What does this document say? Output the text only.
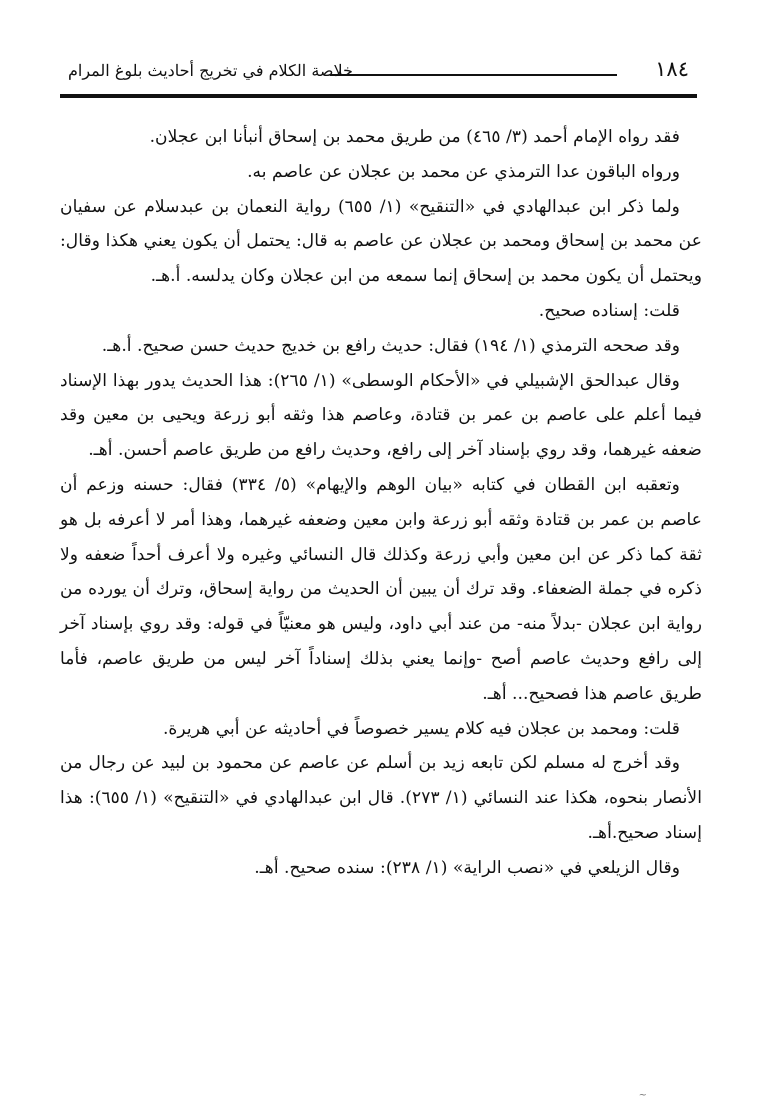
١٨٤
خلاصة الكلام في تخريج أحاديث بلوغ المرام

فقد رواه الإمام أحمد (٣/ ٤٦٥) من طريق محمد بن إسحاق أنبأنا ابن عجلان.

ورواه الباقون عدا الترمذي عن محمد بن عجلان عن عاصم به.

ولما ذكر ابن عبدالهادي في «التنقيح» (١/ ٦٥٥) رواية النعمان بن عبدسلام عن سفيان عن محمد بن إسحاق ومحمد بن عجلان عن عاصم به قال: يحتمل أن يكون يعني هكذا وقال: ويحتمل أن يكون محمد بن إسحاق إنما سمعه من ابن عجلان وكان يدلسه. أ.هـ.

قلت: إسناده صحيح.

وقد صححه الترمذي (١/ ١٩٤) فقال: حديث رافع بن خديج حديث حسن صحيح. أ.هـ.

وقال عبدالحق الإشبيلي في «الأحكام الوسطى» (١/ ٢٦٥): هذا الحديث يدور بهذا الإسناد فيما أعلم على عاصم بن عمر بن قتادة، وعاصم هذا وثقه أبو زرعة ويحيى بن معين وقد ضعفه غيرهما، وقد روي بإسناد آخر إلى رافع، وحديث رافع من طريق عاصم أحسن. أهـ.

وتعقبه ابن القطان في كتابه «بيان الوهم والإيهام» (٥/ ٣٣٤) فقال: حسنه وزعم أن عاصم بن عمر بن قتادة وثقه أبو زرعة وابن معين وضعفه غيرهما، وهذا أمر لا أعرفه بل هو ثقة كما ذكر عن ابن معين وأبي زرعة وكذلك قال النسائي وغيره ولا أعرف أحداً ضعفه ولا ذكره في جملة الضعفاء. وقد ترك أن يبين أن الحديث من رواية إسحاق، وترك أن يورده من رواية ابن عجلان -بدلاً منه- من عند أبي داود، وليس هو معنيّاً في قوله: وقد روي بإسناد آخر إلى رافع وحديث عاصم أصح -وإنما يعني بذلك إسناداً آخر ليس من طريق عاصم، فأما طريق عاصم هذا فصحيح... أهـ.

قلت: ومحمد بن عجلان فيه كلام يسير خصوصاً في أحاديثه عن أبي هريرة.

وقد أخرج له مسلم لكن تابعه زيد بن أسلم عن عاصم عن محمود بن لبيد عن رجال من الأنصار بنحوه، هكذا عند النسائي (١/ ٢٧٣). قال ابن عبدالهادي في «التنقيح» (١/ ٦٥٥): هذا إسناد صحيح.أهـ.

وقال الزيلعي في «نصب الراية» (١/ ٢٣٨): سنده صحيح. أهـ.

~
